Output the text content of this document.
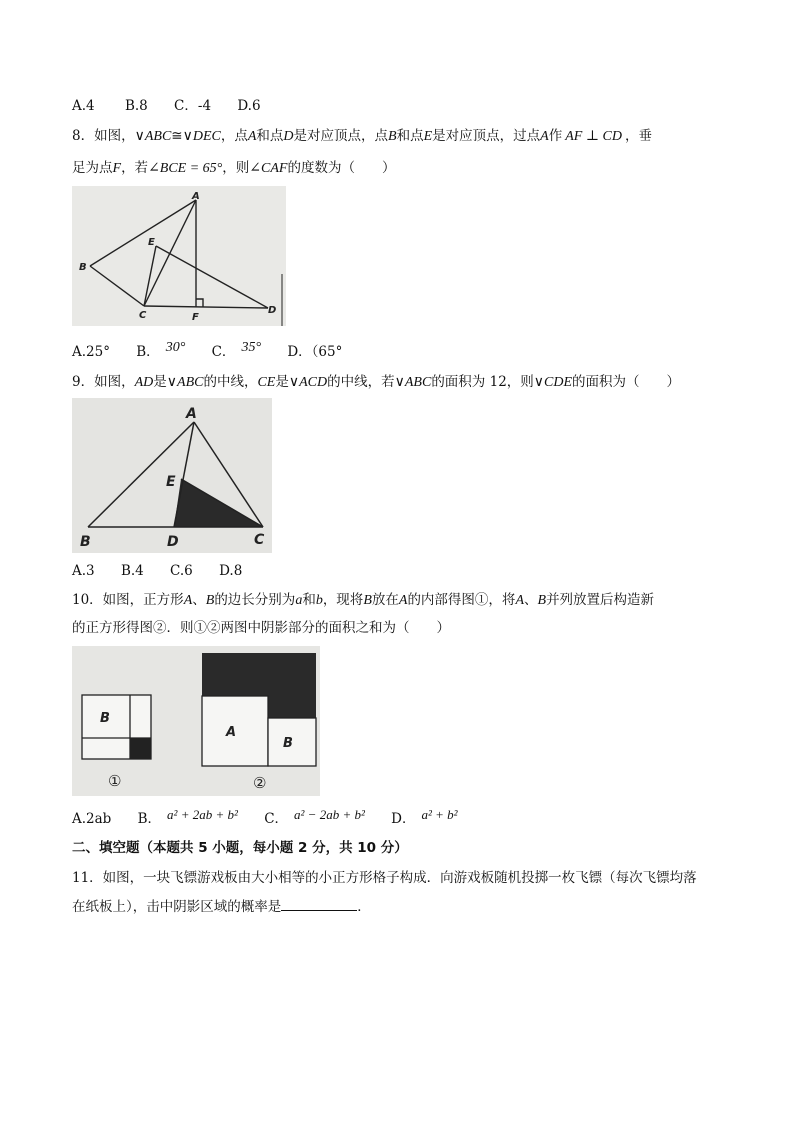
A.4 B.8 C．-4 D.6
8．如图，∨ABC≅∨DEC，点A和点D是对应顶点，点B和点E是对应顶点，过点A作 AF ⊥ CD ，垂
足为点F，若∠BCE = 65°，则∠CAF的度数为（　　）
A
B
C	D
E
F
A.25° B． 30° C． 35° D．（65°
9．如图，AD是∨ABC的中线，CE是∨ACD的中线，若∨ABC的面积为 12，则∨CDE的面积为（　　）
A
B	C
D
E
A.3 B.4 C.6 D.8
10．如图，正方形A、B的边长分别为a和b，现将B放在A的内部得图①，将A、B并列放置后构造新
的正方形得图②．则①②两图中阴影部分的面积之和为（　　）
B
A
B
①	②
A.2ab B． a² + 2ab + b² C． a² − 2ab + b² D． a² + b²
二、填空题（本题共 5 小题，每小题 2 分，共 10 分）
11．如图，一块飞镖游戏板由大小相等的小正方形格子构成．向游戏板随机投掷一枚飞镖（每次飞镖均落
在纸板上），击中阴影区域的概率是	．
